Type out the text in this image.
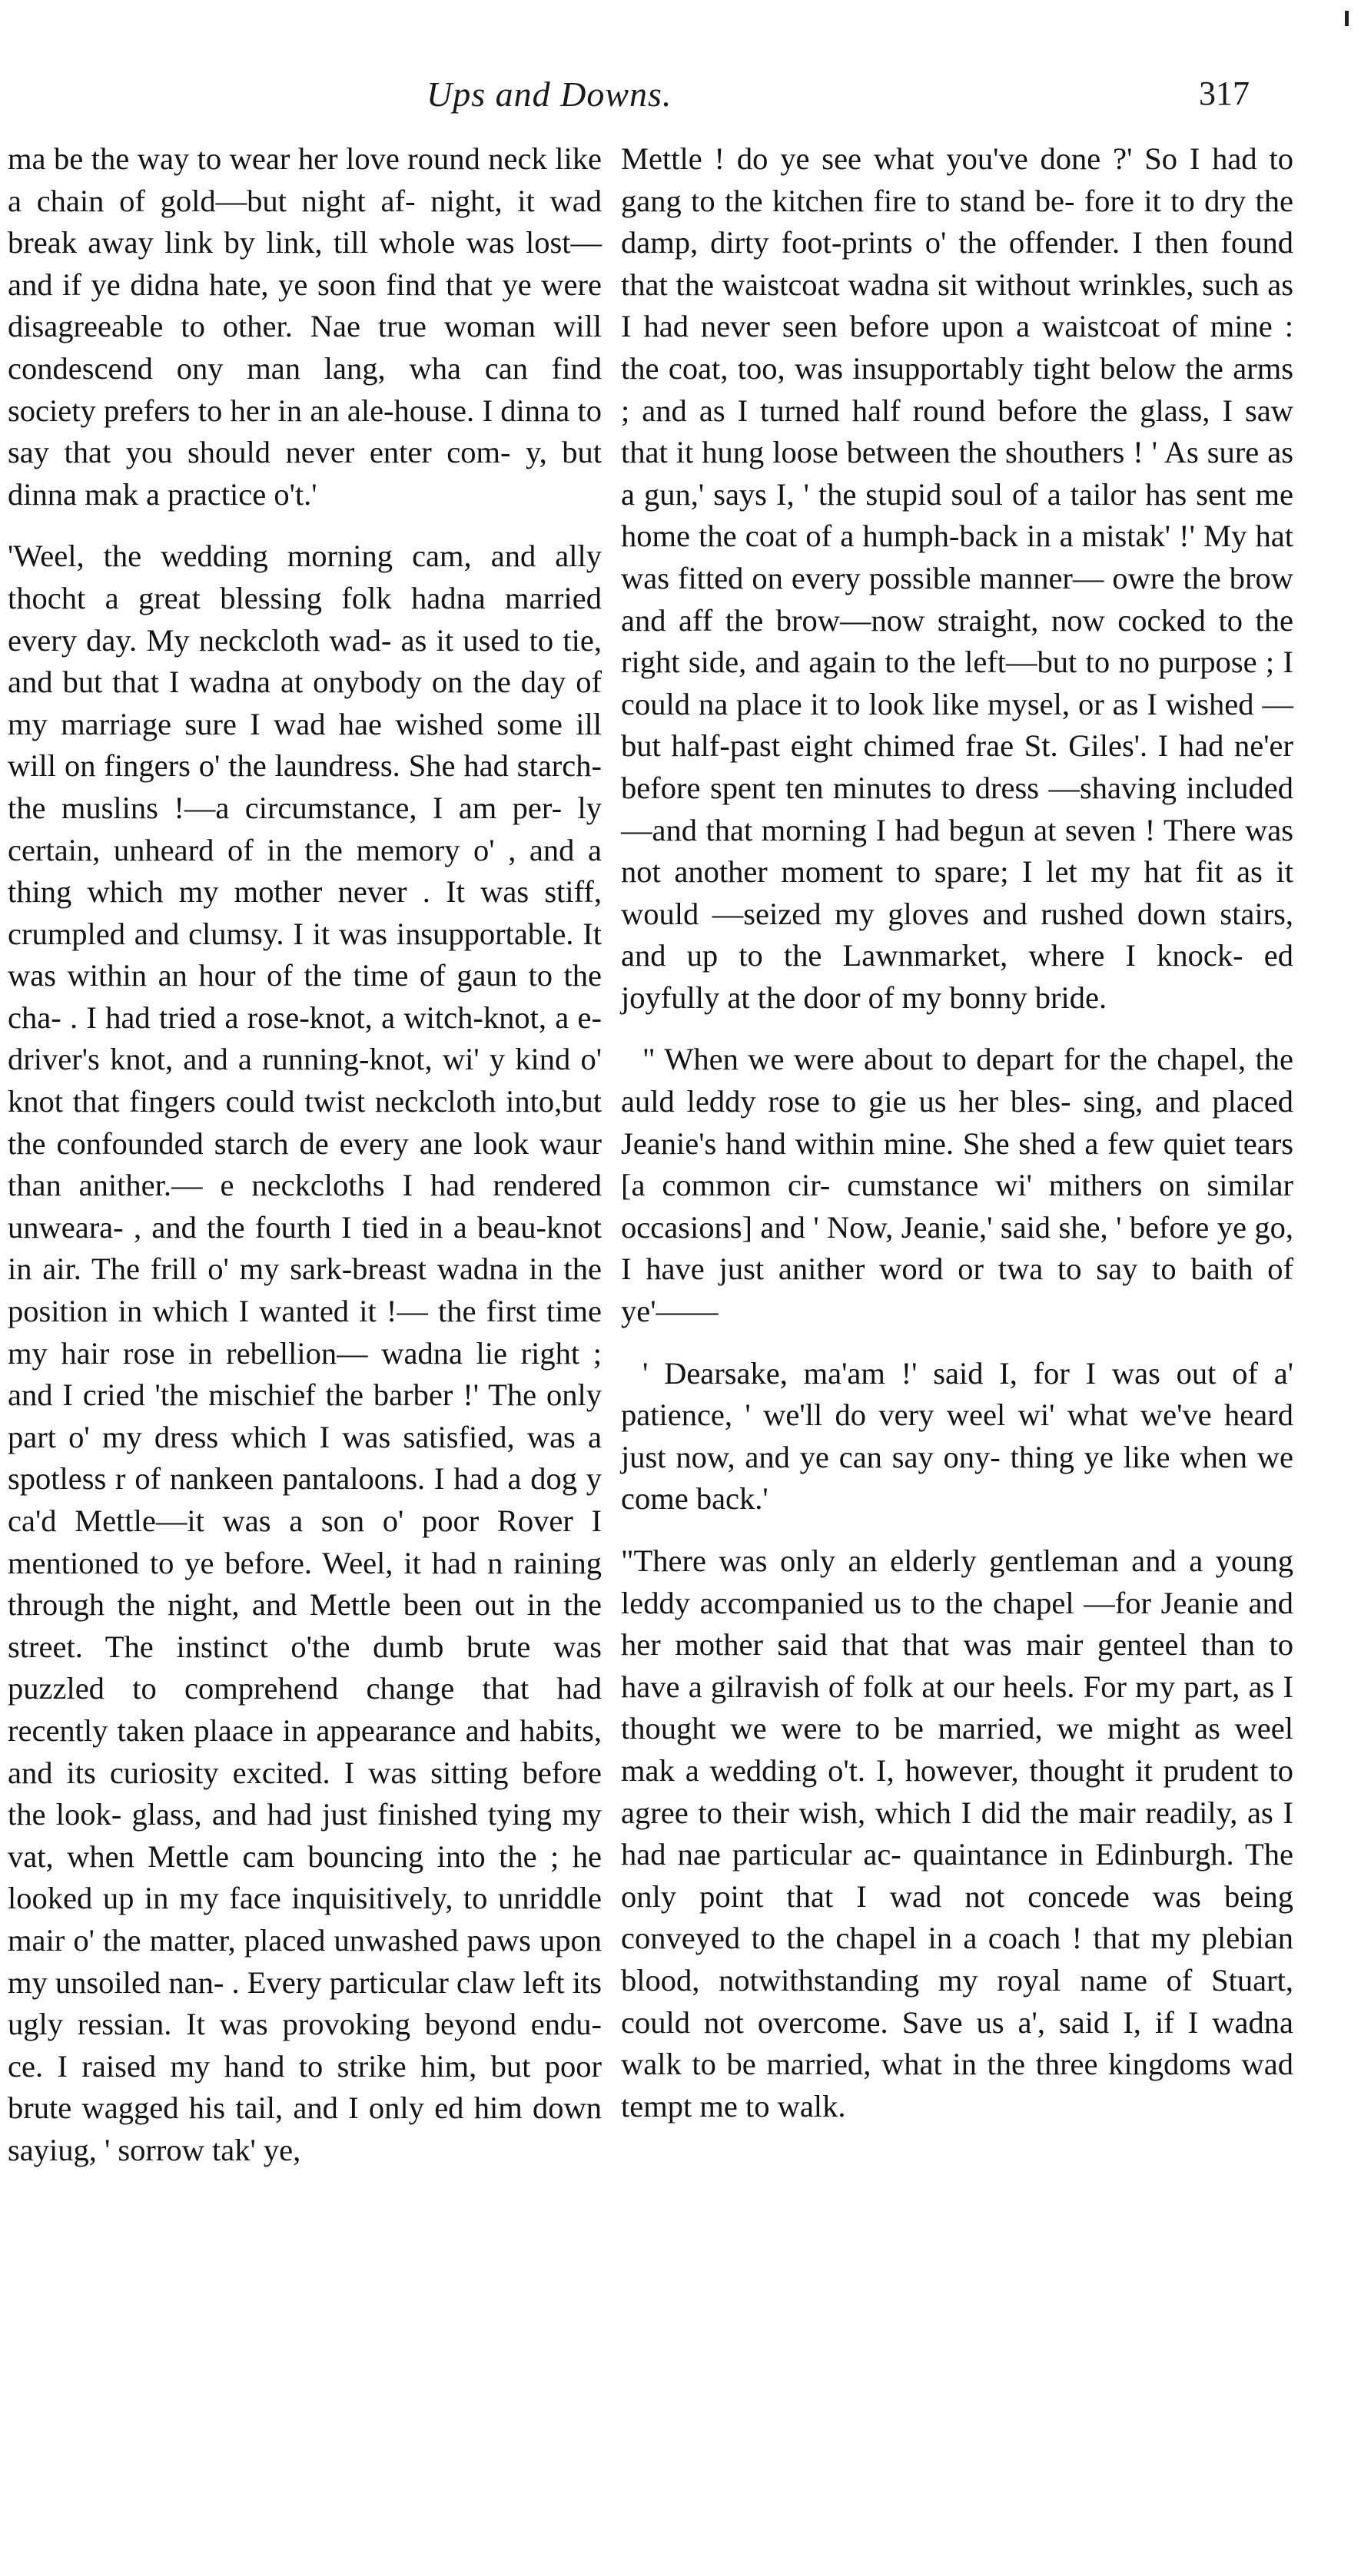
Ups and Downs.	317

ma be the way to wear her love round neck like a chain of gold—but night af- night, it wad break away link by link, till whole was lost—and if ye didna hate, ye soon find that ye were disagreeable to other. Nae true woman will condescend ony man lang, wha can find society prefers to her in an ale-house. I dinna to say that you should never enter com- y, but dinna mak a practice o't.'

'Weel, the wedding morning cam, and ally thocht a great blessing folk hadna married every day. My neckcloth wad- as it used to tie, and but that I wadna at onybody on the day of my marriage sure I wad hae wished some ill will on fingers o' the laundress. She had starch- the muslins !—a circumstance, I am per- ly certain, unheard of in the memory o' , and a thing which my mother never . It was stiff, crumpled and clumsy. I it was insupportable. It was within an hour of the time of gaun to the cha- . I had tried a rose-knot, a witch-knot, a e-driver's knot, and a running-knot, wi' y kind o' knot that fingers could twist neckcloth into,but the confounded starch de every ane look waur than anither.— e neckcloths I had rendered unweara- , and the fourth I tied in a beau-knot in air. The frill o' my sark-breast wadna in the position in which I wanted it !— the first time my hair rose in rebellion— wadna lie right ; and I cried 'the mischief the barber !' The only part o' my dress which I was satisfied, was a spotless r of nankeen pantaloons. I had a dog y ca'd Mettle—it was a son o' poor Rover I mentioned to ye before. Weel, it had n raining through the night, and Mettle been out in the street. The instinct o'the dumb brute was puzzled to comprehend change that had recently taken plaace in appearance and habits, and its curiosity excited. I was sitting before the look- glass, and had just finished tying my vat, when Mettle cam bouncing into the ; he looked up in my face inquisitively, to unriddle mair o' the matter, placed unwashed paws upon my unsoiled nan- . Every particular claw left its ugly ressian. It was provoking beyond endu- ce. I raised my hand to strike him, but poor brute wagged his tail, and I only ed him down sayiug, ' sorrow tak' ye,

Mettle ! do ye see what you've done ?' So I had to gang to the kitchen fire to stand be- fore it to dry the damp, dirty foot-prints o' the offender. I then found that the waistcoat wadna sit without wrinkles, such as I had never seen before upon a waistcoat of mine : the coat, too, was insupportably tight below the arms ; and as I turned half round before the glass, I saw that it hung loose between the shouthers ! ' As sure as a gun,' says I, ' the stupid soul of a tailor has sent me home the coat of a humph-back in a mistak' !' My hat was fitted on every possible manner— owre the brow and aff the brow—now straight, now cocked to the right side, and again to the left—but to no purpose ; I could na place it to look like mysel, or as I wished —but half-past eight chimed frae St. Giles'. I had ne'er before spent ten minutes to dress —shaving included—and that morning I had begun at seven ! There was not another moment to spare; I let my hat fit as it would —seized my gloves and rushed down stairs, and up to the Lawnmarket, where I knock- ed joyfully at the door of my bonny bride.

" When we were about to depart for the chapel, the auld leddy rose to gie us her bles- sing, and placed Jeanie's hand within mine. She shed a few quiet tears [a common cir- cumstance wi' mithers on similar occasions] and ' Now, Jeanie,' said she, ' before ye go, I have just anither word or twa to say to baith of ye'——

' Dearsake, ma'am !' said I, for I was out of a' patience, ' we'll do very weel wi' what we've heard just now, and ye can say ony- thing ye like when we come back.'

"There was only an elderly gentleman and a young leddy accompanied us to the chapel —for Jeanie and her mother said that that was mair genteel than to have a gilravish of folk at our heels. For my part, as I thought we were to be married, we might as weel mak a wedding o't. I, however, thought it prudent to agree to their wish, which I did the mair readily, as I had nae particular ac- quaintance in Edinburgh. The only point that I wad not concede was being conveyed to the chapel in a coach ! that my plebian blood, notwithstanding my royal name of Stuart, could not overcome. Save us a', said I, if I wadna walk to be married, what in the three kingdoms wad tempt me to walk.
